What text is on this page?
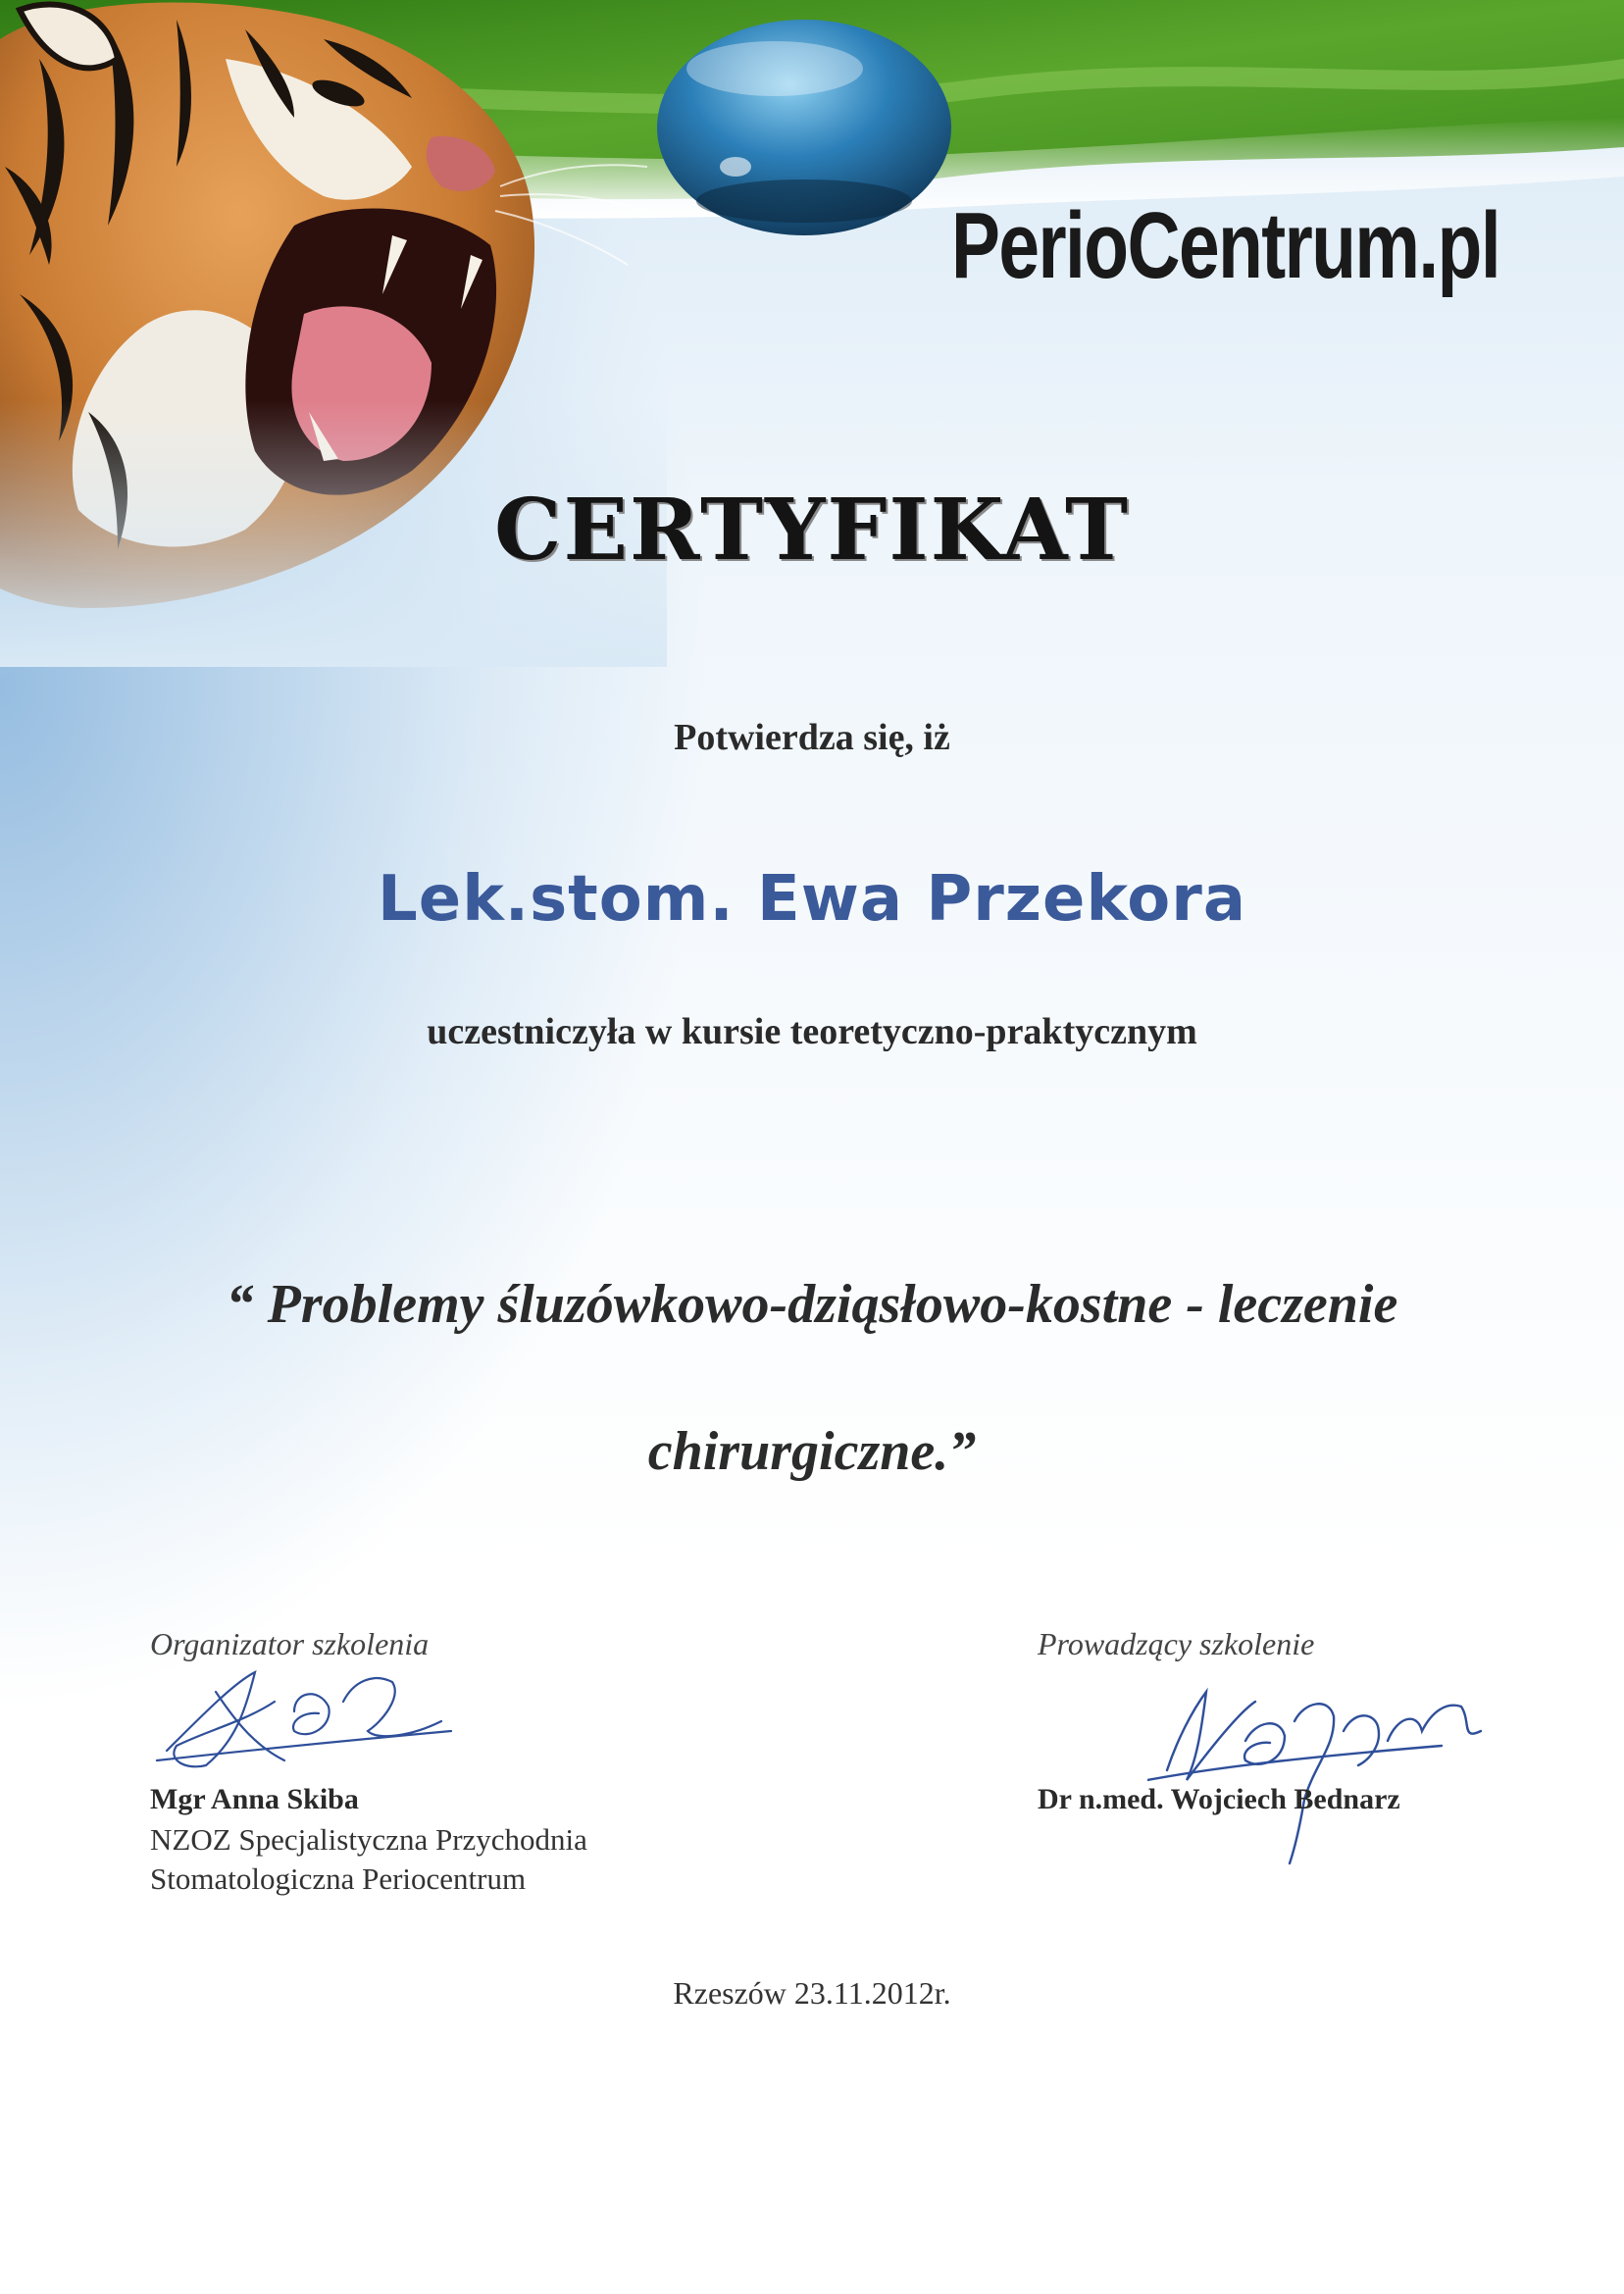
PerioCentrum.pl
CERTYFIKAT
Potwierdza się, iż
Lek.stom. Ewa Przekora
uczestniczyła w kursie teoretyczno-praktycznym
“ Problemy śluzówkowo-dziąsłowo-kostne - leczenie
chirurgiczne.”
Organizator szkolenia
Mgr Anna Skiba
NZOZ Specjalistyczna Przychodnia
Stomatologiczna Periocentrum
Prowadzący szkolenie
Dr n.med. Wojciech Bednarz
Rzeszów 23.11.2012r.
